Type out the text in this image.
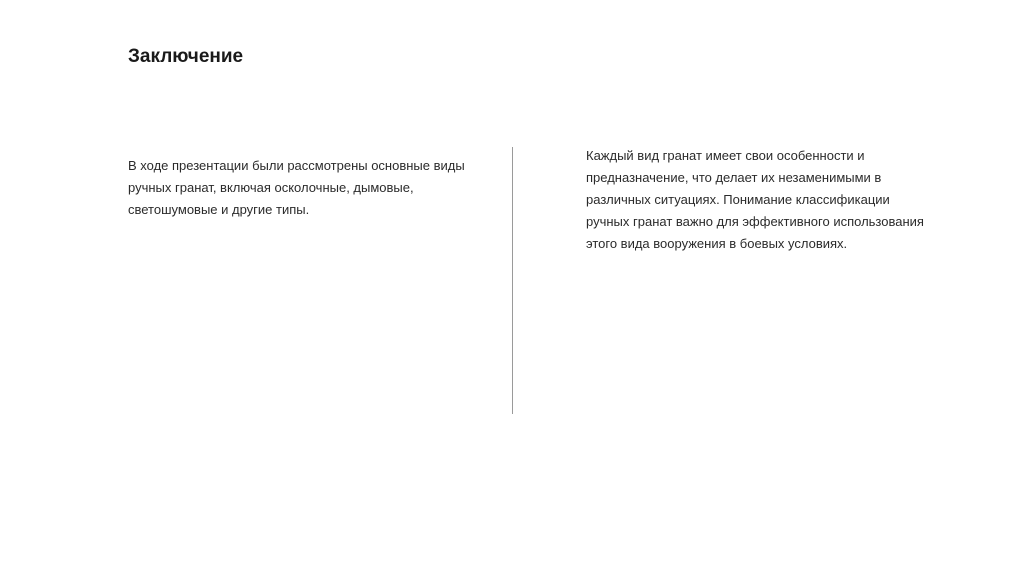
Заключение

В ходе презентации были рассмотрены основные виды ручных гранат, включая осколочные, дымовые, светошумовые и другие типы.

Каждый вид гранат имеет свои особенности и предназначение, что делает их незаменимыми в различных ситуациях. Понимание классификации ручных гранат важно для эффективного использования этого вида вооружения в боевых условиях.
